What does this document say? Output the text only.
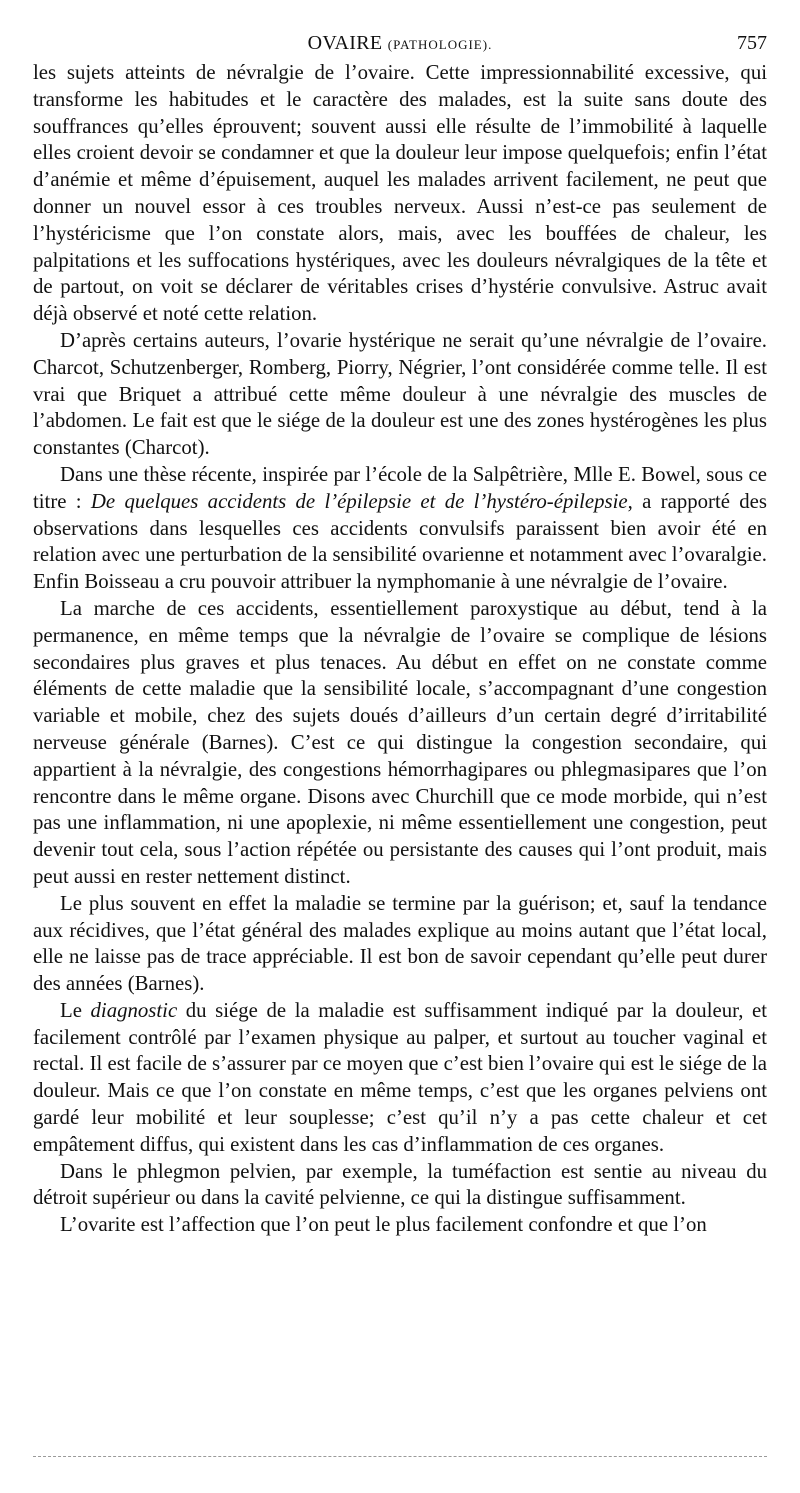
OVAIRE (PATHOLOGIE).	757

les sujets atteints de névralgie de l’ovaire. Cette impressionnabilité excessive, qui transforme les habitudes et le caractère des malades, est la suite sans doute des souffrances qu’elles éprouvent; souvent aussi elle résulte de l’immobilité à laquelle elles croient devoir se condamner et que la douleur leur impose quelquefois; enfin l’état d’anémie et même d’épuisement, auquel les malades arrivent facilement, ne peut que donner un nouvel essor à ces troubles nerveux. Aussi n’est-ce pas seulement de l’hystéricisme que l’on constate alors, mais, avec les bouffées de chaleur, les palpitations et les suffocations hystériques, avec les douleurs névralgiques de la tête et de partout, on voit se déclarer de véritables crises d’hystérie convulsive. Astruc avait déjà observé et noté cette relation.

D’après certains auteurs, l’ovarie hystérique ne serait qu’une névralgie de l’ovaire. Charcot, Schutzenberger, Romberg, Piorry, Négrier, l’ont considérée comme telle. Il est vrai que Briquet a attribué cette même douleur à une névralgie des muscles de l’abdomen. Le fait est que le siége de la douleur est une des zones hystérogènes les plus constantes (Charcot).

Dans une thèse récente, inspirée par l’école de la Salpêtrière, Mlle E. Bowel, sous ce titre : De quelques accidents de l’épilepsie et de l’hystéro-épilepsie, a rapporté des observations dans lesquelles ces accidents convulsifs paraissent bien avoir été en relation avec une perturbation de la sensibilité ovarienne et notamment avec l’ovaralgie. Enfin Boisseau a cru pouvoir attribuer la nymphomanie à une névralgie de l’ovaire.

La marche de ces accidents, essentiellement paroxystique au début, tend à la permanence, en même temps que la névralgie de l’ovaire se complique de lésions secondaires plus graves et plus tenaces. Au début en effet on ne constate comme éléments de cette maladie que la sensibilité locale, s’accompagnant d’une congestion variable et mobile, chez des sujets doués d’ailleurs d’un certain degré d’irritabilité nerveuse générale (Barnes). C’est ce qui distingue la congestion secondaire, qui appartient à la névralgie, des congestions hémorrhagipares ou phlegmasipares que l’on rencontre dans le même organe. Disons avec Churchill que ce mode morbide, qui n’est pas une inflammation, ni une apoplexie, ni même essentiellement une congestion, peut devenir tout cela, sous l’action répétée ou persistante des causes qui l’ont produit, mais peut aussi en rester nettement distinct.

Le plus souvent en effet la maladie se termine par la guérison; et, sauf la tendance aux récidives, que l’état général des malades explique au moins autant que l’état local, elle ne laisse pas de trace appréciable. Il est bon de savoir cependant qu’elle peut durer des années (Barnes).

Le diagnostic du siége de la maladie est suffisamment indiqué par la douleur, et facilement contrôlé par l’examen physique au palper, et surtout au toucher vaginal et rectal. Il est facile de s’assurer par ce moyen que c’est bien l’ovaire qui est le siége de la douleur. Mais ce que l’on constate en même temps, c’est que les organes pelviens ont gardé leur mobilité et leur souplesse; c’est qu’il n’y a pas cette chaleur et cet empâtement diffus, qui existent dans les cas d’inflammation de ces organes.

Dans le phlegmon pelvien, par exemple, la tuméfaction est sentie au niveau du détroit supérieur ou dans la cavité pelvienne, ce qui la distingue suffisamment.

L’ovarite est l’affection que l’on peut le plus facilement confondre et que l’on
